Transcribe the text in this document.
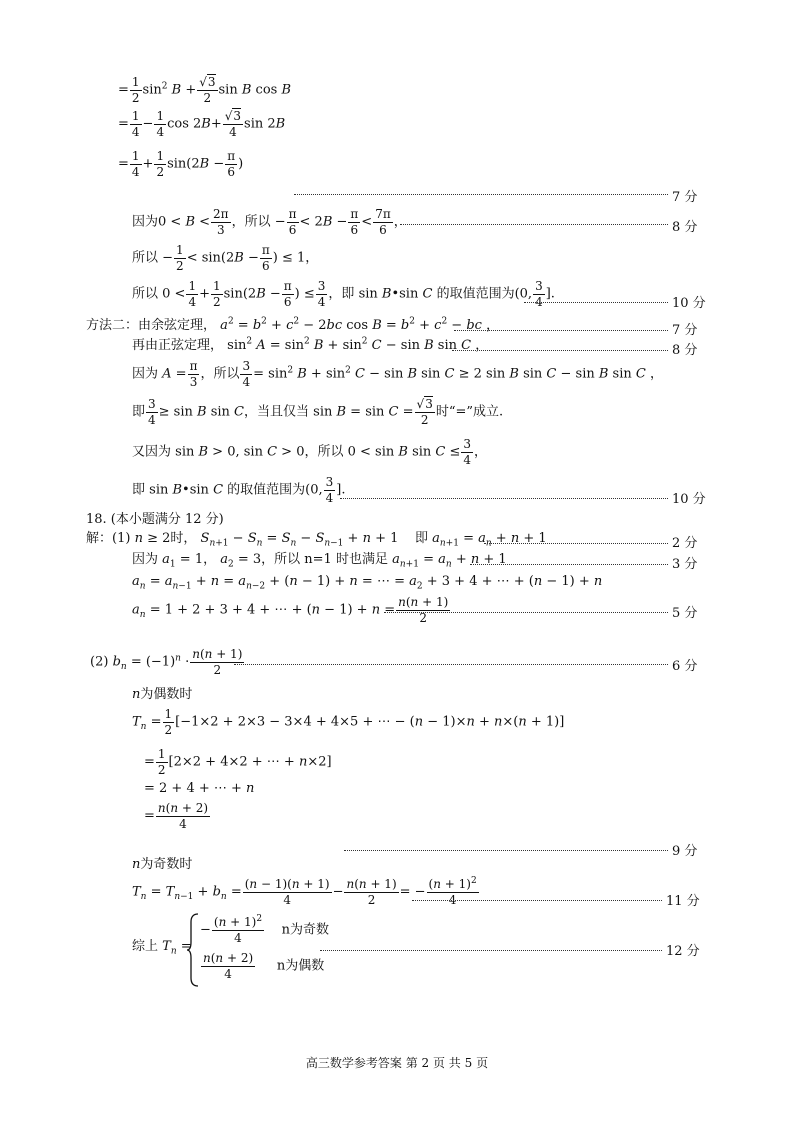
= $\frac{1}{2} \sin^2 B + \frac{√3}{2}$ sin B cos B
= $\frac{1}{4} - \frac{1}{4}$ $\cos 2B+ \frac{√3}{4}$ sin 2B
= $\frac{1}{4} + \frac{1}{2} \sin(2B - \frac{\pi}{6}$ )
7 分
因为$0 < B < \frac{2\pi}{3}$ ，所以 − $\frac{\pi}{6} < 2B - \frac{\pi}{6} < \frac{7\pi}{6}$ ，	8 分
所以 − $\frac{1}{2} < \sin(2B - \frac{\pi}{6}$ ) ≤ 1，
所以 $0 < \frac{1}{4} + \frac{1}{2} \sin(2B - \frac{\pi}{6}$ ) ≤ $\frac{3}{4}$ ，即 sin B•sin C 的取值范围为(0, $\frac{3}{4}$ ].
10 分
方法二：由余弦定理， $a^2 = b^2 + c^2 - 2bc$ $\cos B = b^2 + c^2$ − bc ，	7 分
再由正弦定理， $\sin^2 A = \sin^2 B + \sin^2 C - \sin B$ sin C ，	8 分
因为 $A = \frac{\pi}{3}$ ，所以 $\frac{3}{4} = \sin^2 B + \sin^2 C - \sin B$ sin C ≥ 2 sin B sin C − sin B sin C ，
即 $\frac{3}{4} \ge \sin B$ sin C，当且仅当 $\sin B = \sin C = \frac{√3}{2}$ 时“=”成立.
又因为 sin B > 0, sin C > 0，所以 0 < sin B $\sin C \le \frac{3}{4}$ ，
即 sin B•sin C 的取值范围为(0, $\frac{3}{4}$ ].
10 分
18. (本小题满分 12 分)
解：(1) n ≥ 2时， $S_{n+1} - S_n = S_n - S_{n-1} + n + 1$    即 $a_{n+1} = a_n + n + 1$	2 分
因为 $a_1 = 1$， $a_2 = 3$，所以 n=1 时也满足 $a_{n+1} = a_n + n + 1$	3 分
$a_n = a_{n-1} + n = a_{n-2} + (n - 1) + n$ = ⋯ = $a_2 + 3 + 4$ + ⋯ + (n − 1) + n
$a_n = 1 + 2 + 3 + 4$ + ⋯ + $(n - 1) + n = \frac{n(n + 1)}{2}$	5 分
(2) $b_n = (-1)^n \cdot \frac{n(n + 1)}{2}$	6 分
n为偶数时
$T_n = \frac{1}{2} [-1\times 2 + 2\times 3 - 3\times 4 + 4\times 5$ + ⋯ − (n − 1)×n + n×(n + 1)]
= $\frac{1}{2} [2\times 2 + 4\times 2$ + ⋯ + n×2]
= 2 + 4 + ⋯ + n
= $\frac{n(n + 2)}{4}$
9 分
n为奇数时
$T_n = T_{n-1} + b_n = \frac{(n - 1)(n + 1)}{4} - \frac{n(n + 1)}{2}$ = − $\frac{(n + 1)^2}{4}$	11 分
综上 $T_n$ =
− $\frac{(n + 1)^2}{4}$ n为奇数
$\frac{n(n + 2)}{4}$ n为偶数
12 分
高三数学参考答案 第 2 页 共 5 页
